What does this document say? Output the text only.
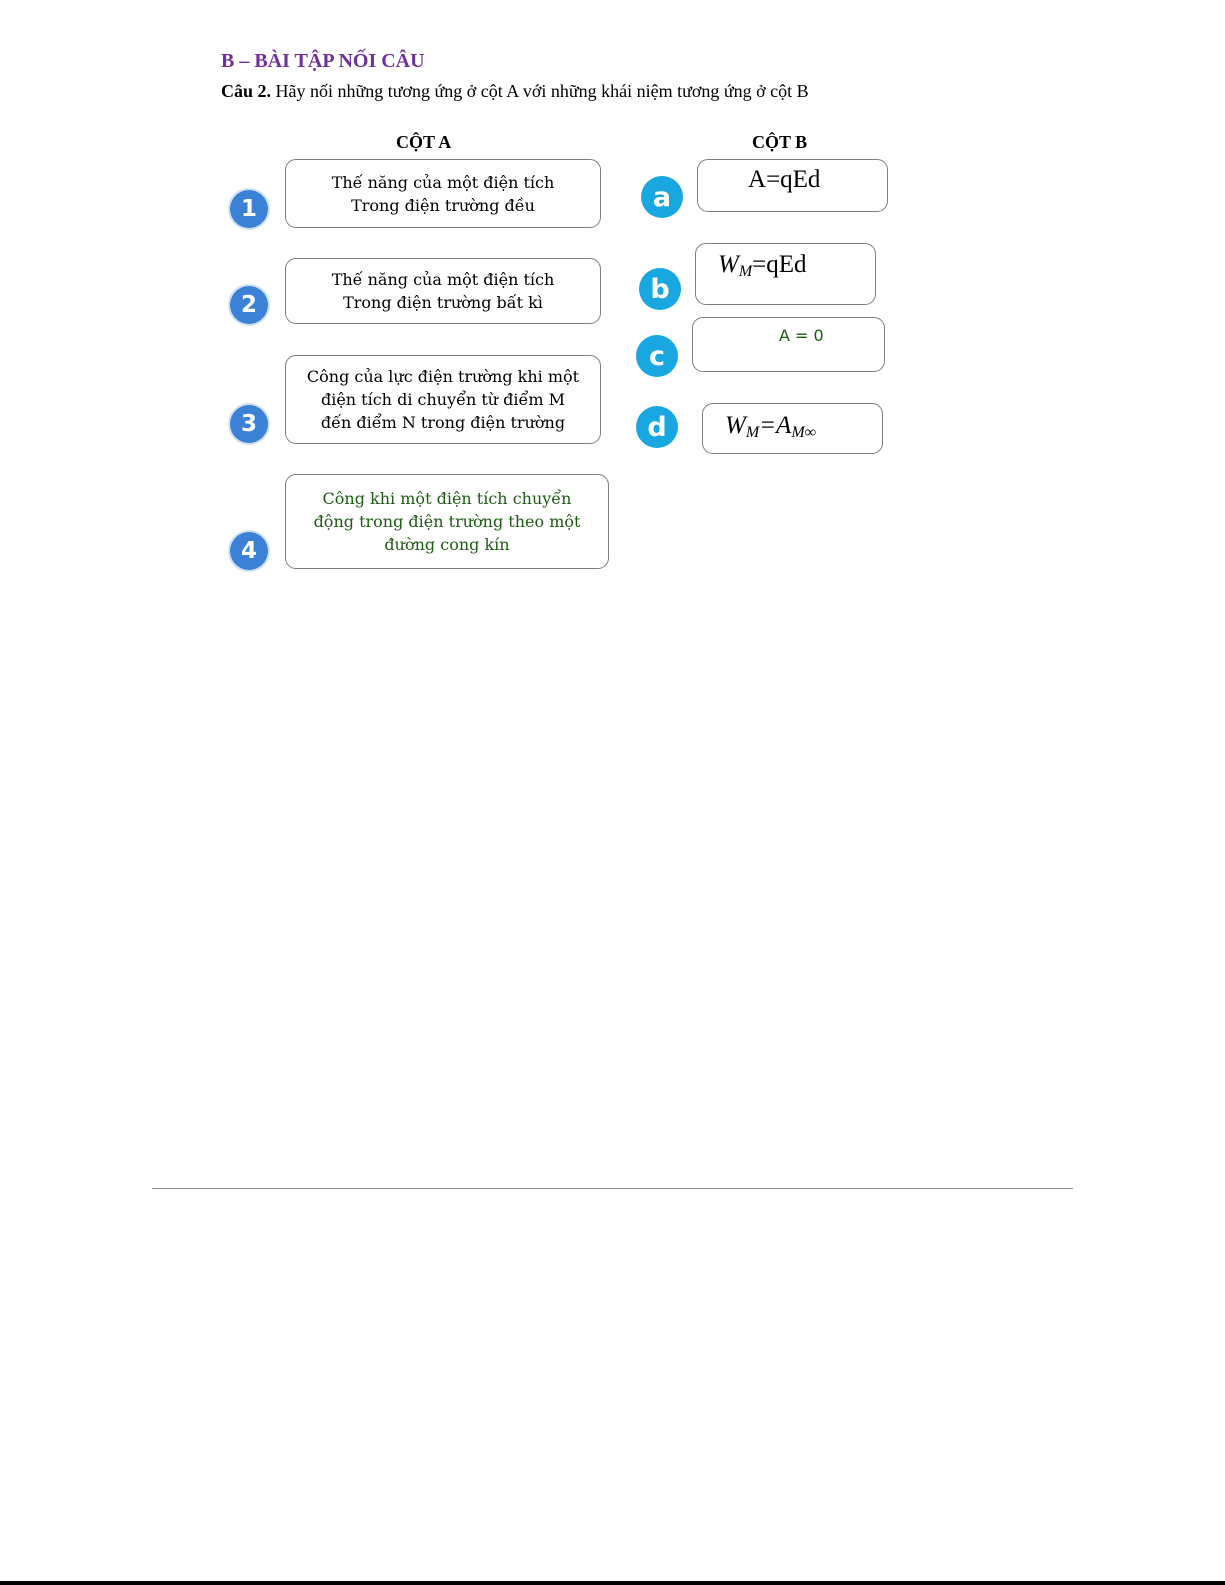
B – BÀI TẬP NỐI CÂU
Câu 2. Hãy nối những tương ứng ở cột A với những khái niệm tương ứng ở cột B
CỘT A	CỘT B
1
Thế năng của một điện tích
Trong điện trường đều
2
Thế năng của một điện tích
Trong điện trường bất kì
3
Công của lực điện trường khi một
điện tích di chuyển từ điểm M
đến điểm N trong điện trường
4
Công khi một điện tích chuyển
động trong điện trường theo một
đường cong kín
a
A=qEd
b
$W_M=qEd$
c
A = 0
d $W_M=A_{M\infty}$
